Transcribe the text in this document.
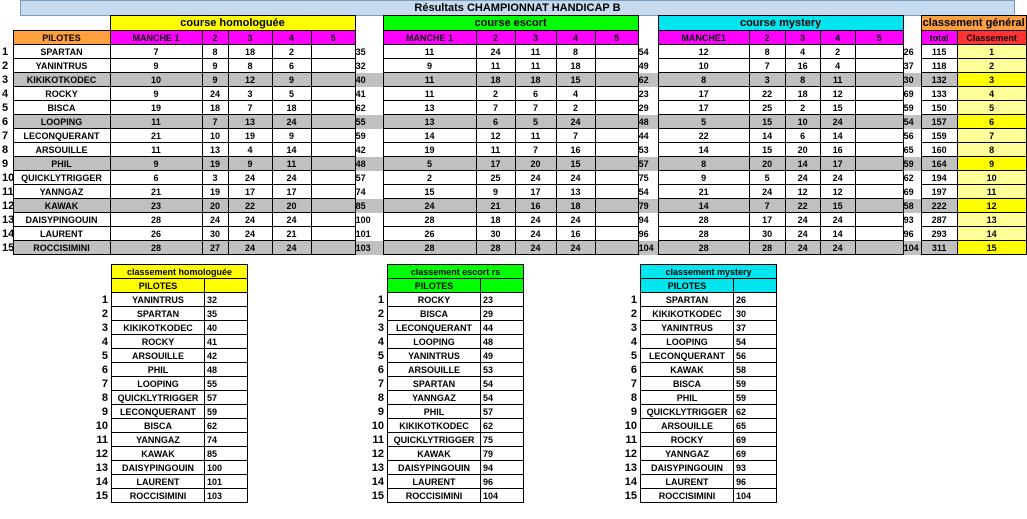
Résultats CHAMPIONNAT HANDICAP B
		course homologuée						course escort						course mystery						classement général	
	PILOTES	MANCHE 1	2	3	4	5		MANCHE 1	2	3	4	5		MANCHE1	2	3	4	5		total	Classement
1	SPARTAN	7	8	18	2		35	11	24	11	8		54	12	8	4	2		26	115	1
2	YANINTRUS	9	9	8	6		32	9	11	11	18		49	10	7	16	4		37	118	2
3	KIKIKOTKODEC	10	9	12	9		40	11	18	18	15		62	8	3	8	11		30	132	3
4	ROCKY	9	24	3	5		41	11	2	6	4		23	17	22	18	12		69	133	4
5	BISCA	19	18	7	18		62	13	7	7	2		29	17	25	2	15		59	150	5
6	LOOPING	11	7	13	24		55	13	6	5	24		48	5	15	10	24		54	157	6
7	LECONQUERANT	21	10	19	9		59	14	12	11	7		44	22	14	6	14		56	159	7
8	ARSOUILLE	11	13	4	14		42	19	11	7	16		53	14	15	20	16		65	160	8
9	PHIL	9	19	9	11		48	5	17	20	15		57	8	20	14	17		59	164	9
10	QUICKLYTRIGGER	6	3	24	24		57	2	25	24	24		75	9	5	24	24		62	194	10
11	YANNGAZ	21	19	17	17		74	15	9	17	13		54	21	24	12	12		69	197	11
12	KAWAK	23	20	22	20		85	24	21	16	18		79	14	7	22	15		58	222	12
13	DAISYPINGOUIN	28	24	24	24		100	28	18	24	24		94	28	17	24	24		93	287	13
14	LAURENT	26	30	24	21		101	26	30	24	16		96	28	30	24	14		96	293	14
15	ROCCISIMINI	28	27	24	24		103	28	28	24	24		104	28	28	24	24		104	311	15
	classement homologuée	
	PILOTES	
1	YANINTRUS	32
2	SPARTAN	35
3	KIKIKOTKODEC	40
4	ROCKY	41
5	ARSOUILLE	42
6	PHIL	48
7	LOOPING	55
8	QUICKLYTRIGGER	57
9	LECONQUERANT	59
10	BISCA	62
11	YANNGAZ	74
12	KAWAK	85
13	DAISYPINGOUIN	100
14	LAURENT	101
15	ROCCISIMINI	103
	classement escort rs	
	PILOTES	
1	ROCKY	23
2	BISCA	29
3	LECONQUERANT	44
4	LOOPING	48
5	YANINTRUS	49
6	ARSOUILLE	53
7	SPARTAN	54
8	YANNGAZ	54
9	PHIL	57
10	KIKIKOTKODEC	62
11	QUICKLYTRIGGER	75
12	KAWAK	79
13	DAISYPINGOUIN	94
14	LAURENT	96
15	ROCCISIMINI	104
	classement mystery	
	PILOTES	
1	SPARTAN	26
2	KIKIKOTKODEC	30
3	YANINTRUS	37
4	LOOPING	54
5	LECONQUERANT	56
6	KAWAK	58
7	BISCA	59
8	PHIL	59
9	QUICKLYTRIGGER	62
10	ARSOUILLE	65
11	ROCKY	69
12	YANNGAZ	69
13	DAISYPINGOUIN	93
14	LAURENT	96
15	ROCCISIMINI	104
